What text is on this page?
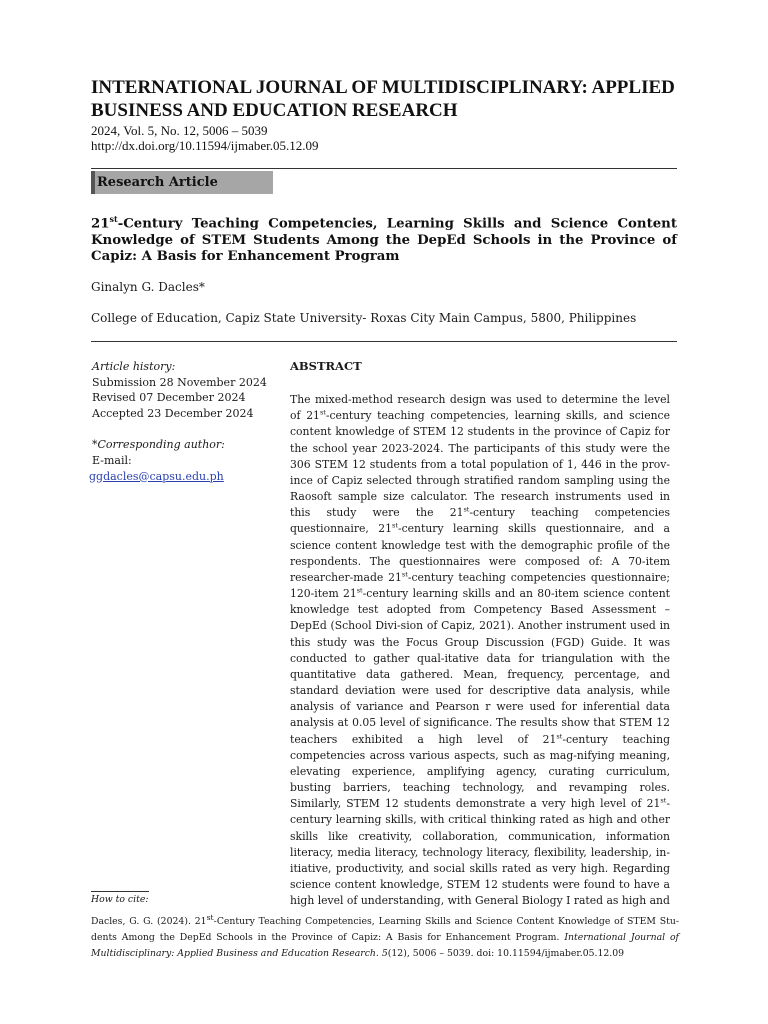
INTERNATIONAL JOURNAL OF MULTIDISCIPLINARY: APPLIED BUSINESS AND EDUCATION RESEARCH
2024, Vol. 5, No. 12, 5006 – 5039
http://dx.doi.org/10.11594/ijmaber.05.12.09
Research Article
21st-Century Teaching Competencies, Learning Skills and Science Content Knowledge of STEM Students Among the DepEd Schools in the Province of Capiz: A Basis for Enhancement Program
Ginalyn G. Dacles*
College of Education, Capiz State University- Roxas City Main Campus, 5800, Philippines
Article history:
Submission 28 November 2024
Revised 07 December 2024
Accepted 23 December 2024
*Corresponding author:
E-mail:
ggdacles@capsu.edu.ph
ABSTRACT

The mixed-method research design was used to determine the level of 21st-century teaching competencies, learning skills, and science content knowledge of STEM 12 students in the province of Capiz for the school year 2023-2024. The participants of this study were the 306 STEM 12 students from a total population of 1, 446 in the prov-ince of Capiz selected through stratified random sampling using the Raosoft sample size calculator. The research instruments used in this study were the 21st-century teaching competencies questionnaire, 21st-century learning skills questionnaire, and a science content knowledge test with the demographic profile of the respondents. The questionnaires were composed of: A 70-item researcher-made 21st-century teaching competencies questionnaire; 120-item 21st-century learning skills and an 80-item science content knowledge test adopted from Competency Based Assessment – DepEd (School Divi-sion of Capiz, 2021). Another instrument used in this study was the Focus Group Discussion (FGD) Guide. It was conducted to gather qual-itative data for triangulation with the quantitative data gathered. Mean, frequency, percentage, and standard deviation were used for descriptive data analysis, while analysis of variance and Pearson r were used for inferential data analysis at 0.05 level of significance. The results show that STEM 12 teachers exhibited a high level of 21st-century teaching competencies across various aspects, such as mag-nifying meaning, elevating experience, amplifying agency, curating curriculum, busting barriers, teaching technology, and revamping roles. Similarly, STEM 12 students demonstrate a very high level of 21st-century learning skills, with critical thinking rated as high and other skills like creativity, collaboration, communication, information literacy, media literacy, technology literacy, flexibility, leadership, in-itiative, productivity, and social skills rated as very high. Regarding science content knowledge, STEM 12 students were found to have a high level of understanding, with General Biology I rated as high and

How to cite:

Dacles, G. G. (2024). 21st-Century Teaching Competencies, Learning Skills and Science Content Knowledge of STEM Stu-dents Among the DepEd Schools in the Province of Capiz: A Basis for Enhancement Program. International Journal of Multidisciplinary: Applied Business and Education Research. 5(12), 5006 – 5039. doi: 10.11594/ijmaber.05.12.09
